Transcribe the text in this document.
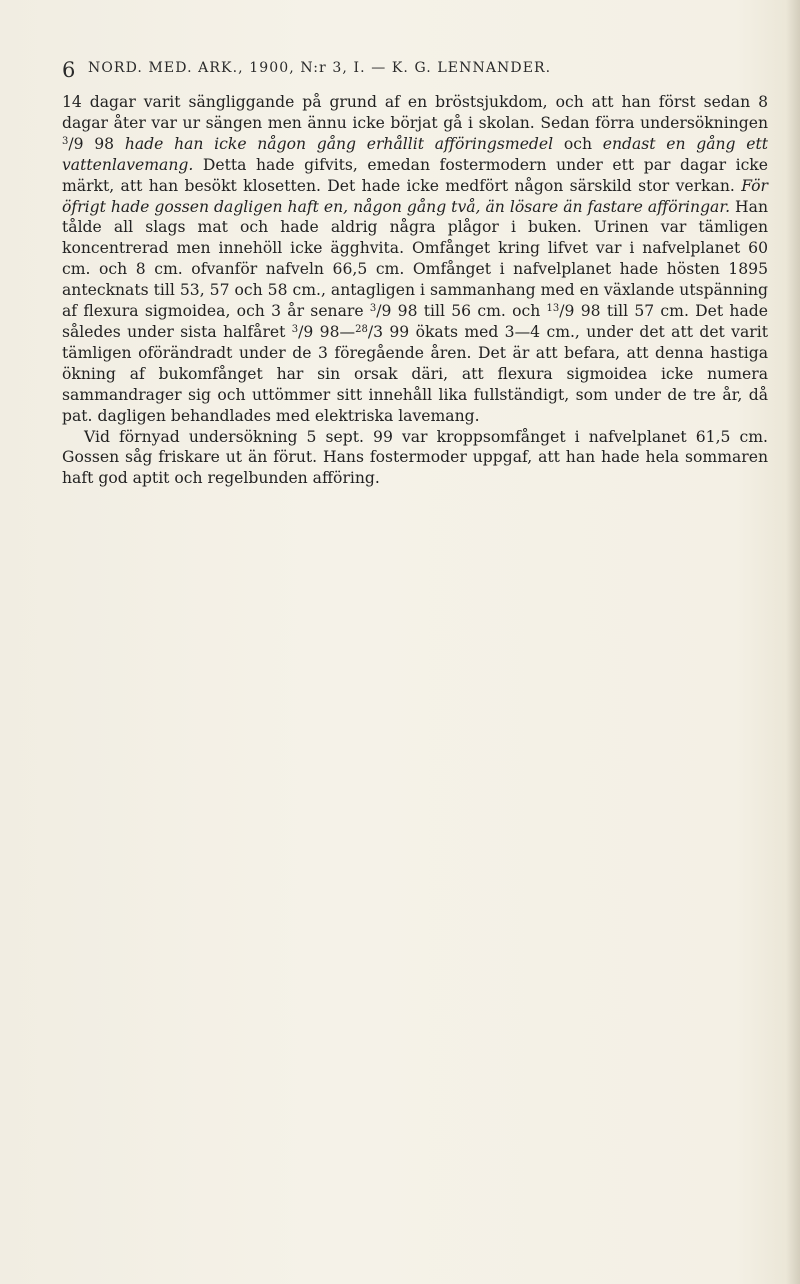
6 NORD. MED. ARK., 1900, N:r 3, I. — K. G. LENNANDER.

14 dagar varit sängliggande på grund af en bröstsjukdom, och att han först sedan 8 dagar åter var ur sängen men ännu icke börjat gå i skolan. Sedan förra undersökningen $^3$/9 98 hade han icke någon gång erhållit afföringsmedel och endast en gång ett vattenlavemang. Detta hade gifvits, emedan fostermodern under ett par dagar icke märkt, att han besökt klosetten. Det hade icke medfört någon särskild stor verkan. För öfrigt hade gossen dagligen haft en, någon gång två, än lösare än fastare afföringar. Han tålde all slags mat och hade aldrig några plågor i buken. Urinen var tämligen koncentrerad men innehöll icke ägghvita. Omfånget kring lifvet var i nafvelplanet 60 cm. och 8 cm. ofvanför nafveln 66,5 cm. Omfånget i nafvelplanet hade hösten 1895 antecknats till 53, 57 och 58 cm., antagligen i sammanhang med en växlande utspänning af flexura sigmoidea, och 3 år senare $^3$/9 98 till 56 cm. och $^{13}$/9 98 till 57 cm. Det hade således under sista halfåret $^3$/9 98—$^{28}$/3 99 ökats med 3—4 cm., under det att det varit tämligen oförändradt under de 3 föregående åren. Det är att befara, att denna hastiga ökning af bukomfånget har sin orsak däri, att flexura sigmoidea icke numera sammandrager sig och uttömmer sitt innehåll lika fullständigt, som under de tre år, då pat. dagligen behandlades med elektriska lavemang.

Vid förnyad undersökning 5 sept. 99 var kroppsomfånget i nafvelplanet 61,5 cm. Gossen såg friskare ut än förut. Hans fostermoder uppgaf, att han hade hela sommaren haft god aptit och regelbunden afföring.
